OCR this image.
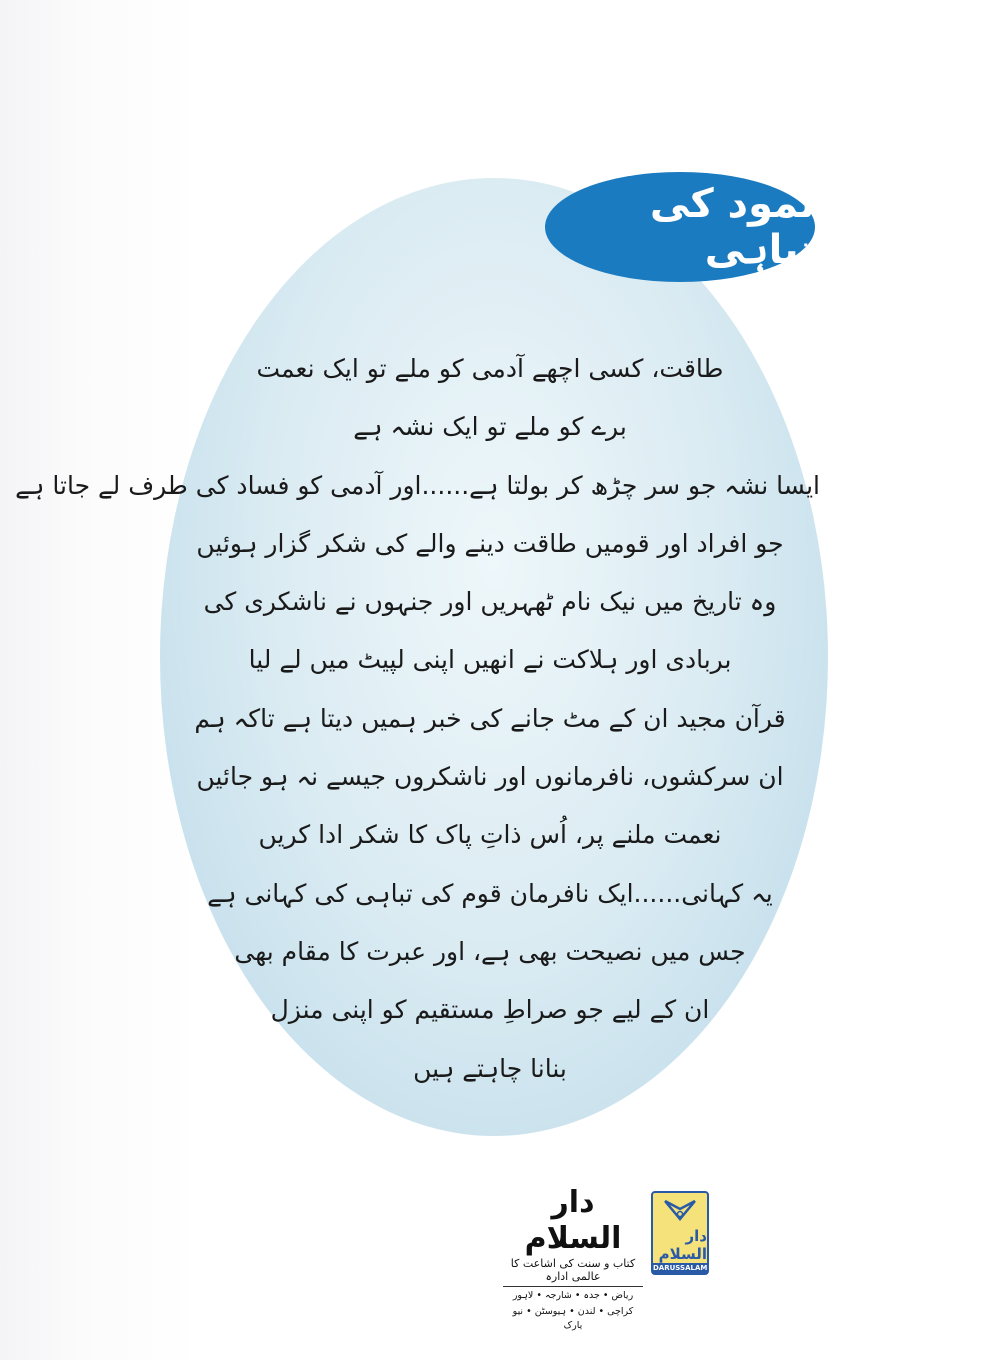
ثمود کی تباہی
طاقت، کسی اچھے آدمی کو ملے تو ایک نعمت
برے کو ملے تو ایک نشہ ہے
ایسا نشہ جو سر چڑھ کر بولتا ہے......اور آدمی کو فساد کی طرف لے جاتا ہے
جو افراد اور قومیں طاقت دینے والے کی شکر گزار ہوئیں
وہ تاریخ میں نیک نام ٹھہریں اور جنہوں نے ناشکری کی
بربادی اور ہلاکت نے انھیں اپنی لپیٹ میں لے لیا
قرآن مجید ان کے مٹ جانے کی خبر ہمیں دیتا ہے تاکہ ہم
ان سرکشوں، نافرمانوں اور ناشکروں جیسے نہ ہو جائیں
نعمت ملنے پر، اُس ذاتِ پاک کا شکر ادا کریں
یہ کہانی......ایک نافرمان قوم کی تباہی کی کہانی ہے
جس میں نصیحت بھی ہے، اور عبرت کا مقام بھی
ان کے لیے جو صراطِ مستقیم کو اپنی منزل
بنانا چاہتے ہیں
دار السلام
کتاب و سنت کی اشاعت کا عالمی ادارہ
ریاض • جدہ • شارجہ • لاہور
کراچی • لندن • ہیوسٹن • نیو یارک
دار السلام
DARUSSALAM
